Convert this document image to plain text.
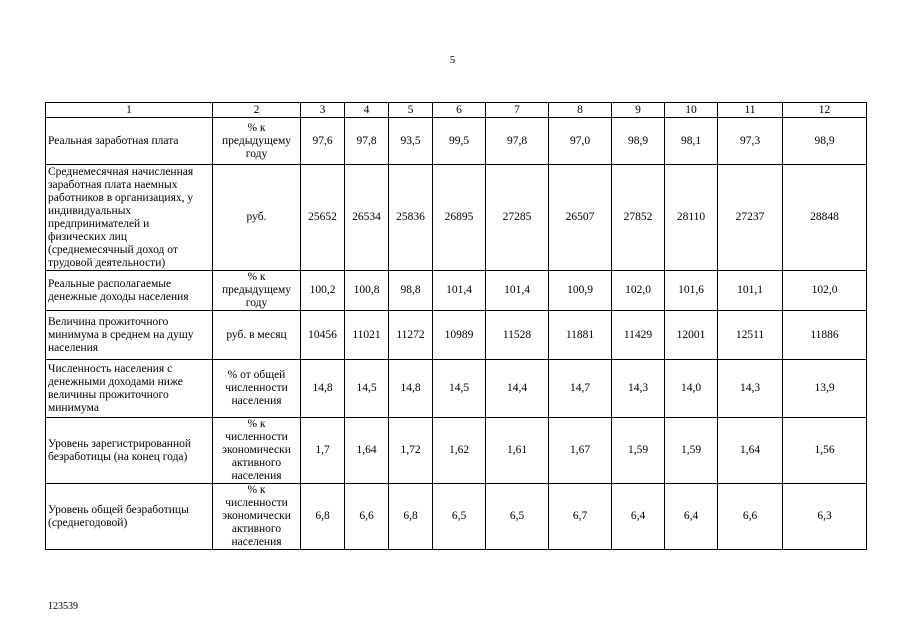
5
1	2	3	4	5	6	7	8	9	10	11	12
Реальная заработная плата	% к предыдущему году	97,6	97,8	93,5	99,5	97,8	97,0	98,9	98,1	97,3	98,9
Среднемесячная начисленная заработная плата наемных работников в организациях, у индивидуальных предпринимателей и физических лиц (среднемесячный доход от трудовой деятельности)	руб.	25652	26534	25836	26895	27285	26507	27852	28110	27237	28848
Реальные располагаемые денежные доходы населения	% к предыдущему году	100,2	100,8	98,8	101,4	101,4	100,9	102,0	101,6	101,1	102,0
Величина прожиточного минимума в среднем на душу населения	руб. в месяц	10456	11021	11272	10989	11528	11881	11429	12001	12511	11886
Численность населения с денежными доходами ниже величины прожиточного минимума	% от общей численности населения	14,8	14,5	14,8	14,5	14,4	14,7	14,3	14,0	14,3	13,9
Уровень зарегистрированной безработицы (на конец года)	% к численности экономически активного населения	1,7	1,64	1,72	1,62	1,61	1,67	1,59	1,59	1,64	1,56
Уровень общей безработицы (среднегодовой)	% к численности экономически активного населения	6,8	6,6	6,8	6,5	6,5	6,7	6,4	6,4	6,6	6,3
123539
